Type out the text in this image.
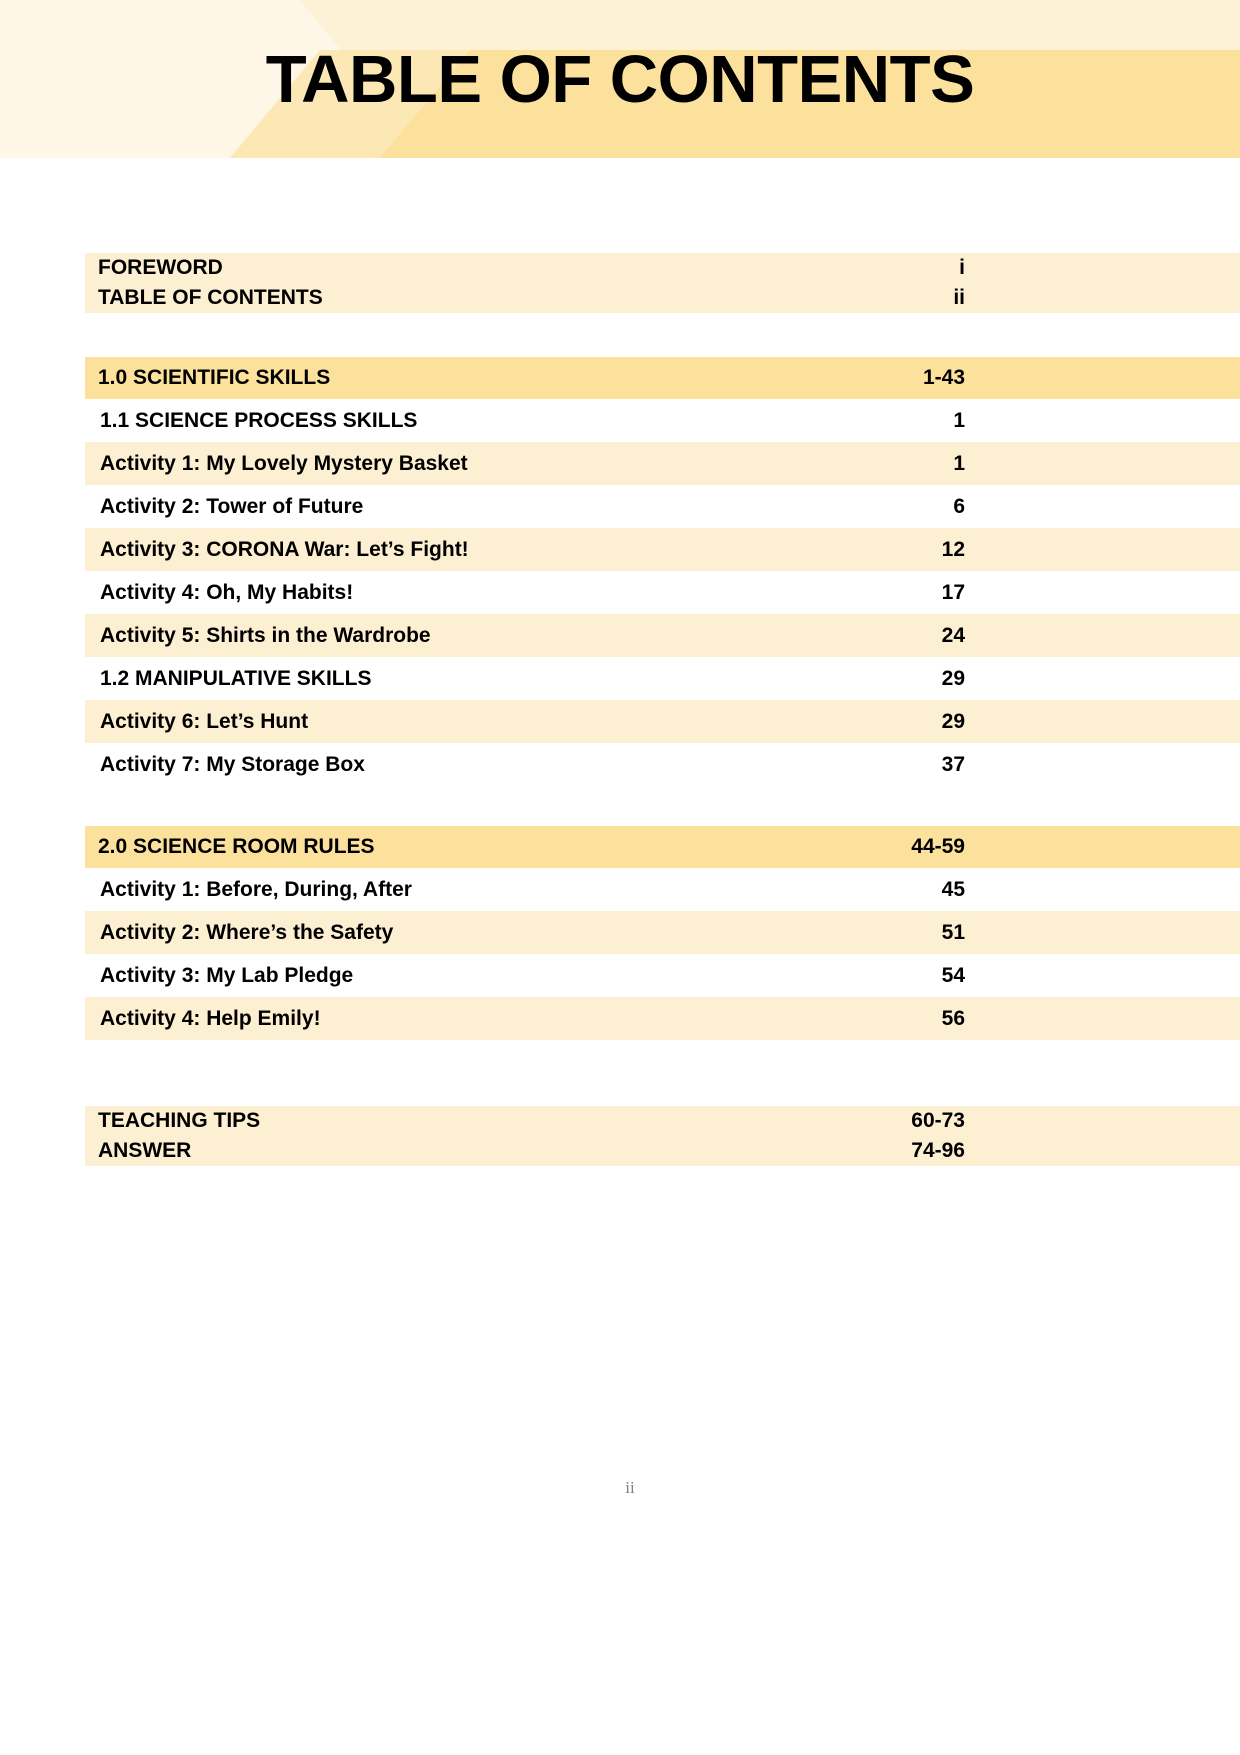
TABLE OF CONTENTS
FOREWORD	i
TABLE OF CONTENTS	ii
1.0 SCIENTIFIC SKILLS	1-43
1.1 SCIENCE PROCESS SKILLS	1
Activity 1: My Lovely Mystery Basket	1
Activity 2: Tower of Future	6
Activity 3: CORONA War: Let’s Fight!	12
Activity 4: Oh, My Habits!	17
Activity 5: Shirts in the Wardrobe	24
1.2 MANIPULATIVE SKILLS	29
Activity 6: Let’s Hunt	29
Activity 7: My Storage Box	37
2.0 SCIENCE ROOM RULES	44-59
Activity 1: Before, During, After	45
Activity 2: Where’s the Safety	51
Activity 3: My Lab Pledge	54
Activity 4: Help Emily!	56
TEACHING TIPS	60-73
ANSWER	74-96
ii
